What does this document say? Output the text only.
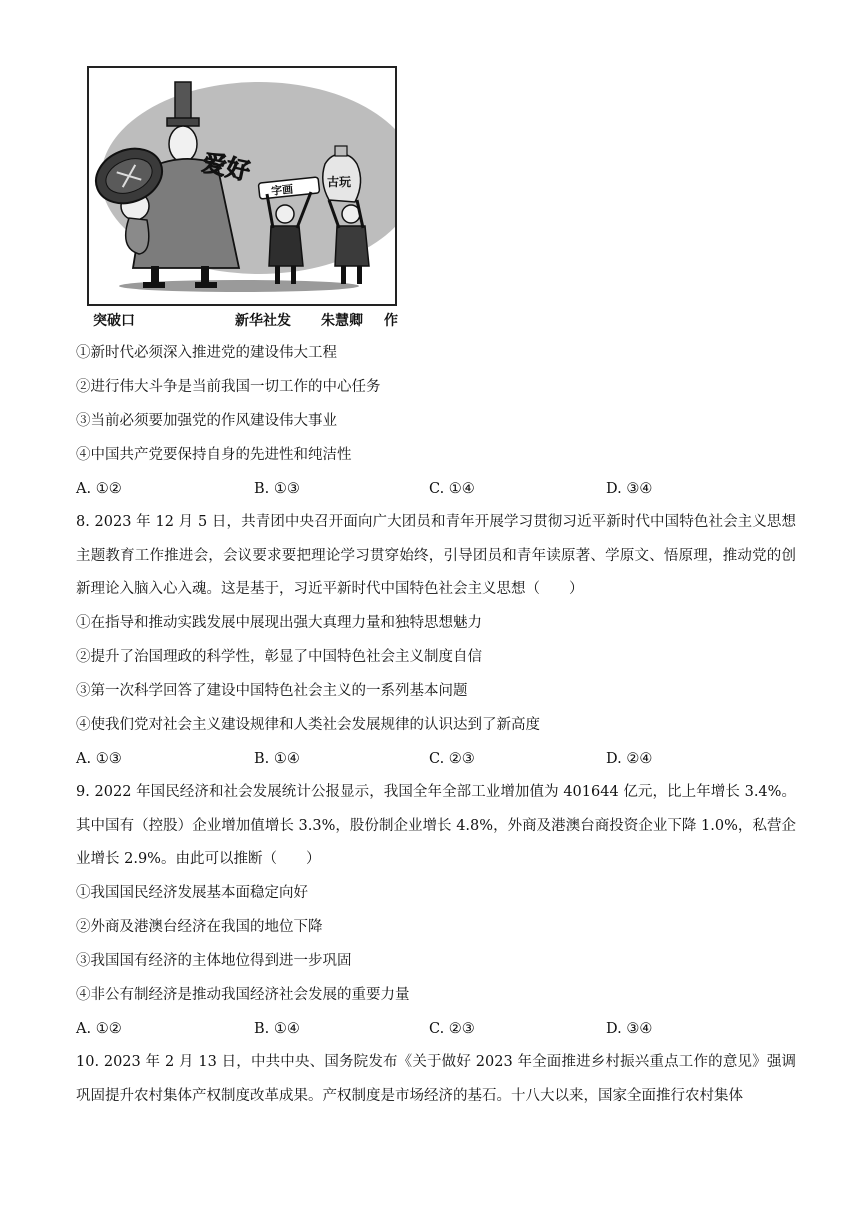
爱好
字画
古玩
突破口	新华社发 朱慧卿 作
①新时代必须深入推进党的建设伟大工程
②进行伟大斗争是当前我国一切工作的中心任务
③当前必须要加强党的作风建设伟大事业
④中国共产党要保持自身的先进性和纯洁性
A. ①②	B. ①③	C. ①④	D. ③④
8. 2023 年 12 月 5 日，共青团中央召开面向广大团员和青年开展学习贯彻习近平新时代中国特色社会主义思想主题教育工作推进会，会议要求要把理论学习贯穿始终，引导团员和青年读原著、学原文、悟原理，推动党的创新理论入脑入心入魂。这是基于，习近平新时代中国特色社会主义思想（　　）
①在指导和推动实践发展中展现出强大真理力量和独特思想魅力
②提升了治国理政的科学性，彰显了中国特色社会主义制度自信
③第一次科学回答了建设中国特色社会主义的一系列基本问题
④使我们党对社会主义建设规律和人类社会发展规律的认识达到了新高度
A. ①③	B. ①④	C. ②③	D. ②④
9. 2022 年国民经济和社会发展统计公报显示，我国全年全部工业增加值为 401644 亿元，比上年增长 3.4%。其中国有（控股）企业增加值增长 3.3%，股份制企业增长 4.8%，外商及港澳台商投资企业下降 1.0%，私营企业增长 2.9%。由此可以推断（　　）
①我国国民经济发展基本面稳定向好
②外商及港澳台经济在我国的地位下降
③我国国有经济的主体地位得到进一步巩固
④非公有制经济是推动我国经济社会发展的重要力量
A. ①②	B. ①④	C. ②③	D. ③④
10. 2023 年 2 月 13 日，中共中央、国务院发布《关于做好 2023 年全面推进乡村振兴重点工作的意见》强调巩固提升农村集体产权制度改革成果。产权制度是市场经济的基石。十八大以来，国家全面推行农村集体
